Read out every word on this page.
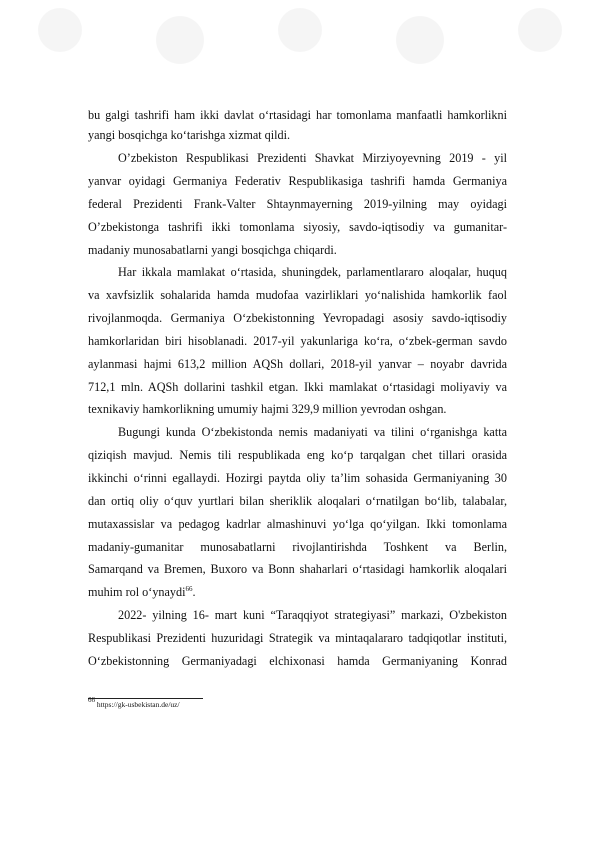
bu galgi tashrifi ham ikki davlat o‘rtasidagi har tomonlama manfaatli hamkorlikni
yangi bosqichga ko‘tarishga xizmat qildi.
O’zbekiston Respublikasi Prezidenti Shavkat Mirziyoyevning 2019 - yil
yanvar oyidagi Germaniya Federativ Respublikasiga tashrifi hamda Germaniya
federal Prezidenti Frank-Valter Shtaynmayerning 2019-yilning may oyidagi
O’zbekistonga tashrifi ikki tomonlama siyosiy, savdo-iqtisodiy va gumanitar-
madaniy munosabatlarni yangi bosqichga chiqardi.
Har ikkala mamlakat o‘rtasida, shuningdek, parlamentlararo aloqalar, huquq
va xavfsizlik sohalarida hamda mudofaa vazirliklari yo‘nalishida hamkorlik faol
rivojlanmoqda. Germaniya O‘zbekistonning Yevropadagi asosiy savdo-iqtisodiy
hamkorlaridan biri hisoblanadi. 2017-yil yakunlariga ko‘ra, o‘zbek-german savdo
aylanmasi hajmi 613,2 million AQSh dollari, 2018-yil yanvar – noyabr davrida
712,1 mln. AQSh dollarini tashkil etgan. Ikki mamlakat o‘rtasidagi moliyaviy va
texnikaviy hamkorlikning umumiy hajmi 329,9 million yevrodan oshgan.
Bugungi kunda O‘zbekistonda nemis madaniyati va tilini o‘rganishga katta
qiziqish mavjud. Nemis tili respublikada eng ko‘p tarqalgan chet tillari orasida
ikkinchi o‘rinni egallaydi. Hozirgi paytda oliy ta’lim sohasida Germaniyaning 30
dan ortiq oliy o‘quv yurtlari bilan sheriklik aloqalari o‘rnatilgan bo‘lib, talabalar,
mutaxassislar va pedagog kadrlar almashinuvi yo‘lga qo‘yilgan. Ikki tomonlama
madaniy-gumanitar munosabatlarni rivojlantirishda Toshkent va Berlin,
Samarqand va Bremen, Buxoro va Bonn shaharlari o‘rtasidagi hamkorlik aloqalari
muhim rol o‘ynaydi$^{66}$.
2022- yilning 16- mart kuni “Taraqqiyot strategiyasi” markazi, O'zbekiston
Respublikasi Prezidenti huzuridagi Strategik va mintaqalararo tadqiqotlar instituti,
O‘zbekistonning Germaniyadagi elchixonasi hamda Germaniyaning Konrad
$^{66}$ https://gk-usbekistan.de/uz/
